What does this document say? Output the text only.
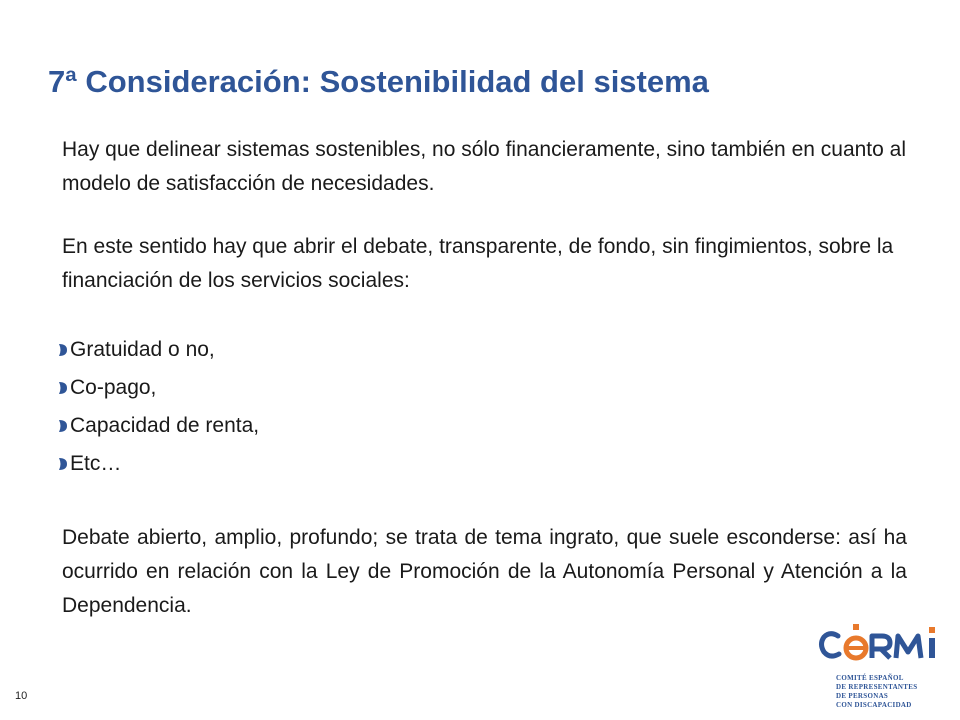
7ª Consideración: Sostenibilidad del sistema

Hay que delinear sistemas sostenibles, no sólo financieramente, sino también en cuanto al modelo de satisfacción de necesidades.

En este sentido hay que abrir el debate, transparente, de fondo, sin fingimientos, sobre la financiación de los servicios sociales:

Gratuidad o no,
Co-pago,
Capacidad de renta,
Etc…

Debate abierto, amplio, profundo; se trata de tema ingrato, que suele esconderse: así ha ocurrido en relación con la Ley de Promoción de la Autonomía Personal y Atención a la Dependencia.

10
COMITÉ ESPAÑOL
DE REPRESENTANTES
DE PERSONAS
CON DISCAPACIDAD
